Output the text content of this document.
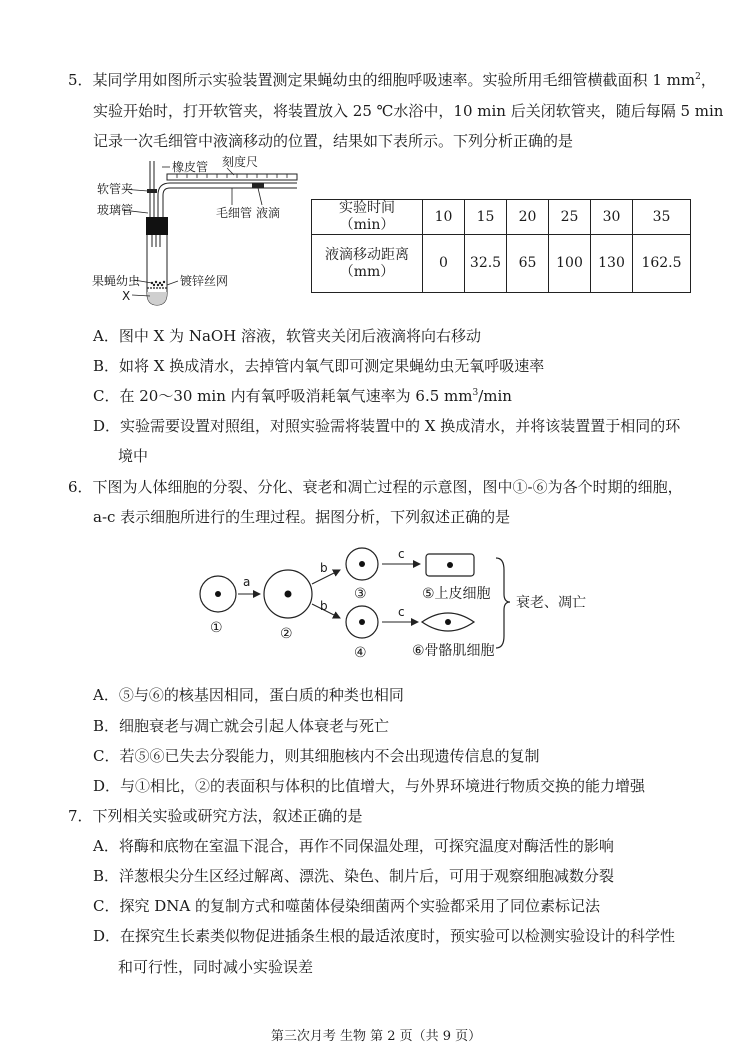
5．某同学用如图所示实验装置测定果蝇幼虫的细胞呼吸速率。实验所用毛细管横截面积 1 $mm^2$，
实验开始时，打开软管夹，将装置放入 25 ℃水浴中，10 min 后关闭软管夹，随后每隔 5 min
记录一次毛细管中液滴移动的位置，结果如下表所示。下列分析正确的是
橡皮管 刻度尺
软管夹
玻璃管	毛细管 液滴
果蝇幼虫	镀锌丝网
X
实验时间
（min）	10	15	20	25	30	35

液滴移动距离
（mm）	0	32.5	65	100	130	162.5
A．图中 X 为 NaOH 溶液，软管夹关闭后液滴将向右移动
B．如将 X 换成清水，去掉管内氧气即可测定果蝇幼虫无氧呼吸速率
C．在 20～30 min 内有氧呼吸消耗氧气速率为 6.5 $mm^3/\min$
D．实验需要设置对照组，对照实验需将装置中的 X 换成清水，并将该装置置于相同的环
境中
6．下图为人体细胞的分裂、分化、衰老和凋亡过程的示意图，图中①-⑥为各个时期的细胞，
a-c 表示细胞所进行的生理过程。据图分析，下列叙述正确的是
①
a
②
b
b
③
④
c
c
⑤上皮细胞
⑥骨骼肌细胞
衰老、凋亡
A．⑤与⑥的核基因相同，蛋白质的种类也相同
B．细胞衰老与凋亡就会引起人体衰老与死亡
C．若⑤⑥已失去分裂能力，则其细胞核内不会出现遗传信息的复制
D．与①相比，②的表面积与体积的比值增大，与外界环境进行物质交换的能力增强
7．下列相关实验或研究方法，叙述正确的是
A．将酶和底物在室温下混合，再作不同保温处理，可探究温度对酶活性的影响
B．洋葱根尖分生区经过解离、漂洗、染色、制片后，可用于观察细胞减数分裂
C．探究 DNA 的复制方式和噬菌体侵染细菌两个实验都采用了同位素标记法
D．在探究生长素类似物促进插条生根的最适浓度时，预实验可以检测实验设计的科学性
和可行性，同时减小实验误差
第三次月考 生物 第 2 页（共 9 页）
